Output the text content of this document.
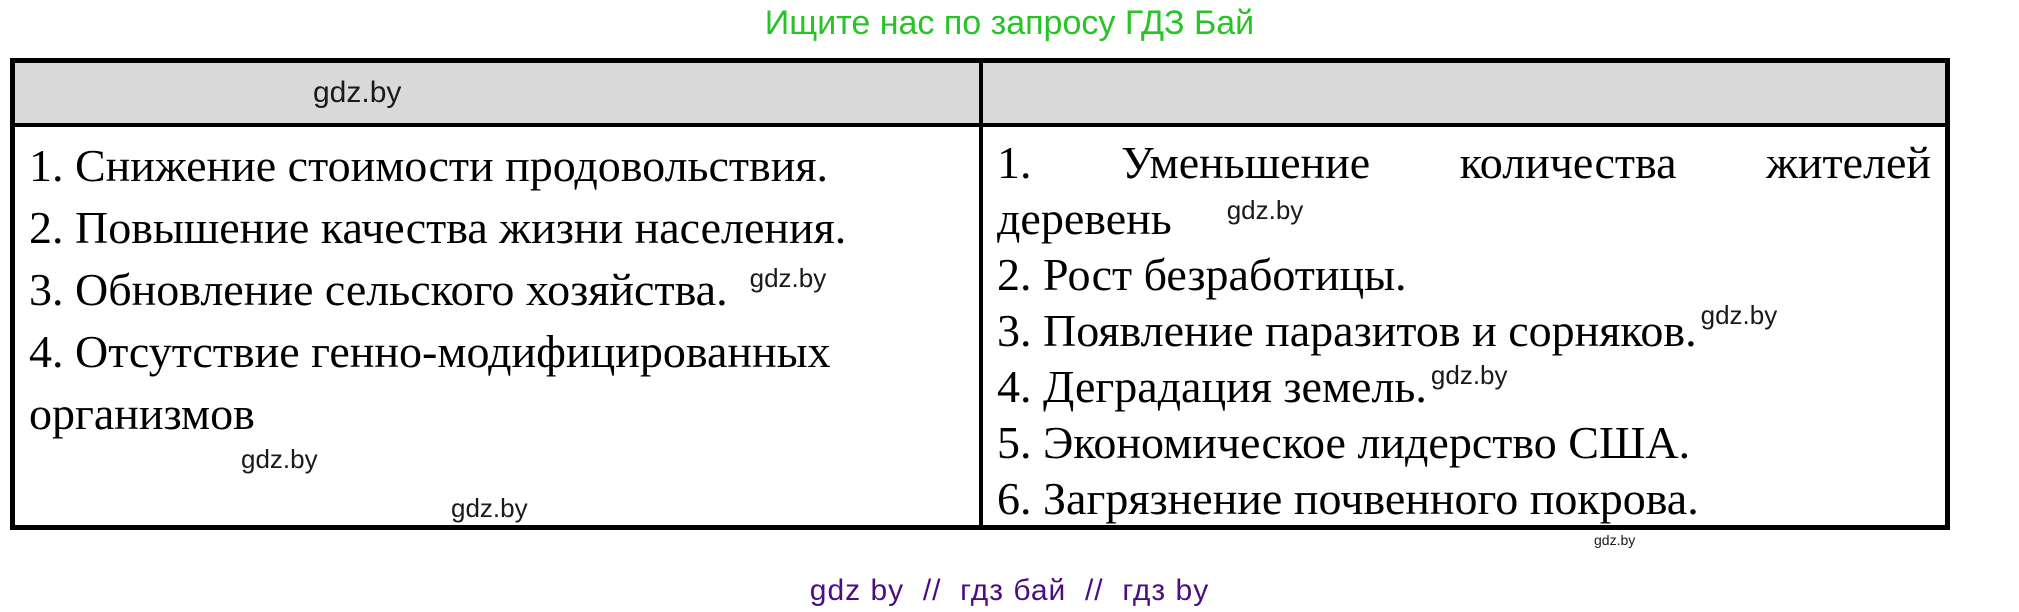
Ищите нас по запросу ГДЗ Бай
gdz.by
1. Снижение стоимости продовольствия.
2. Повышение качества жизни населения.
3. Обновление сельского хозяйства. gdz.by
4. Отсутствие генно-модифицированных
организмов
gdz.by
gdz.by
1. Уменьшение количества жителей
деревень gdz.by
2. Рост безработицы.
3. Появление паразитов и сорняков. gdz.by
4. Деградация земель. gdz.by
5. Экономическое лидерство США.
6. Загрязнение почвенного покрова.
gdz.by
gdz by  //  гдз бай  //  гдз by
